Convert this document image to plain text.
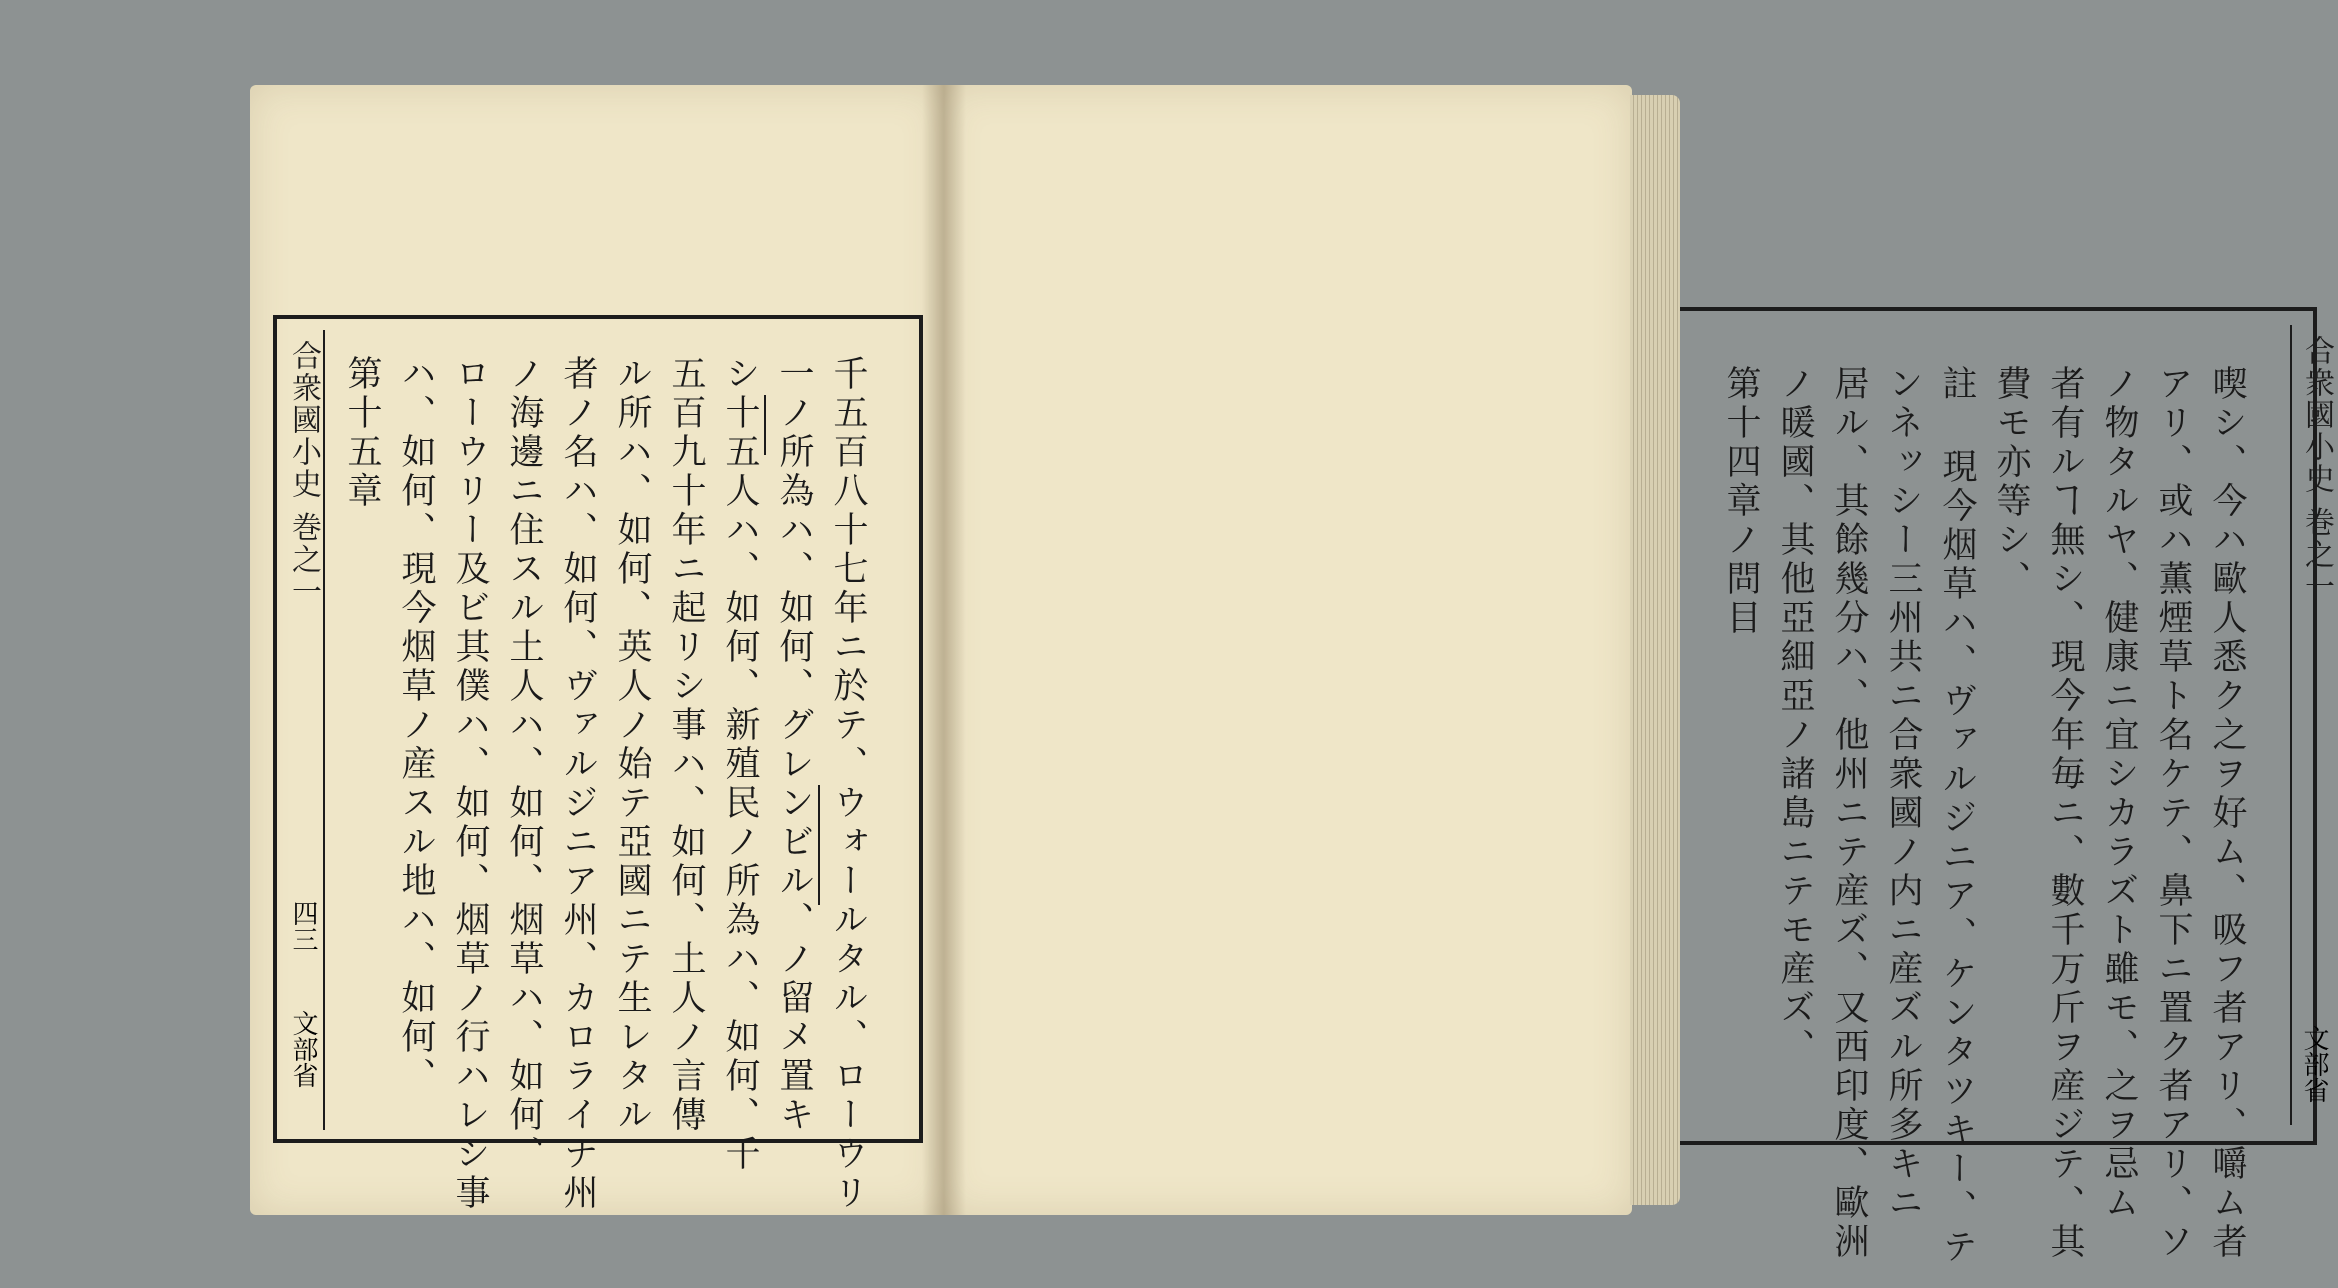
合衆國小史 巻之一
四三
文部省	千五百八十七年ニ於テ、ウォールタル、ローウリ
一ノ所為ハ、如何、グレンビル、ノ留メ置キ
シ十五人ハ、如何、新殖民ノ所為ハ、如何、千
五百九十年ニ起リシ事ハ、如何、土人ノ言傳
ル所ハ、如何、英人ノ始テ亞國ニテ生レタル
者ノ名ハ、如何、ヴァルジニア州、カロライナ州
ノ海邊ニ住スル土人ハ、如何、烟草ハ、如何、
ローウリー及ビ其僕ハ、如何、烟草ノ行ハレシ事
ハ、如何、現今烟草ノ産スル地ハ、如何、
第十五章	喫シ、今ハ歐人悉ク之ヲ好ム、吸フ者アリ、嚼ム者
アリ、或ハ薫煙草ト名ケテ、鼻下ニ置ク者アリ、ソ
ノ物タルヤ、健康ニ宜シカラズト雖モ、之ヲ忌ム
者有ルヿ無シ、現今年毎ニ、數千万斤ヲ産ジテ、其
費モ亦等シ、
註 現今烟草ハ、ヴァルジニア、ケンタツキー、テ
ンネッシー三州共ニ合衆國ノ内ニ産ズル所多キニ
居ル、其餘幾分ハ、他州ニテ産ズ、又西印度、歐洲
ノ暖國、其他亞細亞ノ諸島ニテモ産ズ、
第十四章ノ問目	合衆國小史 巻之一
文部省
